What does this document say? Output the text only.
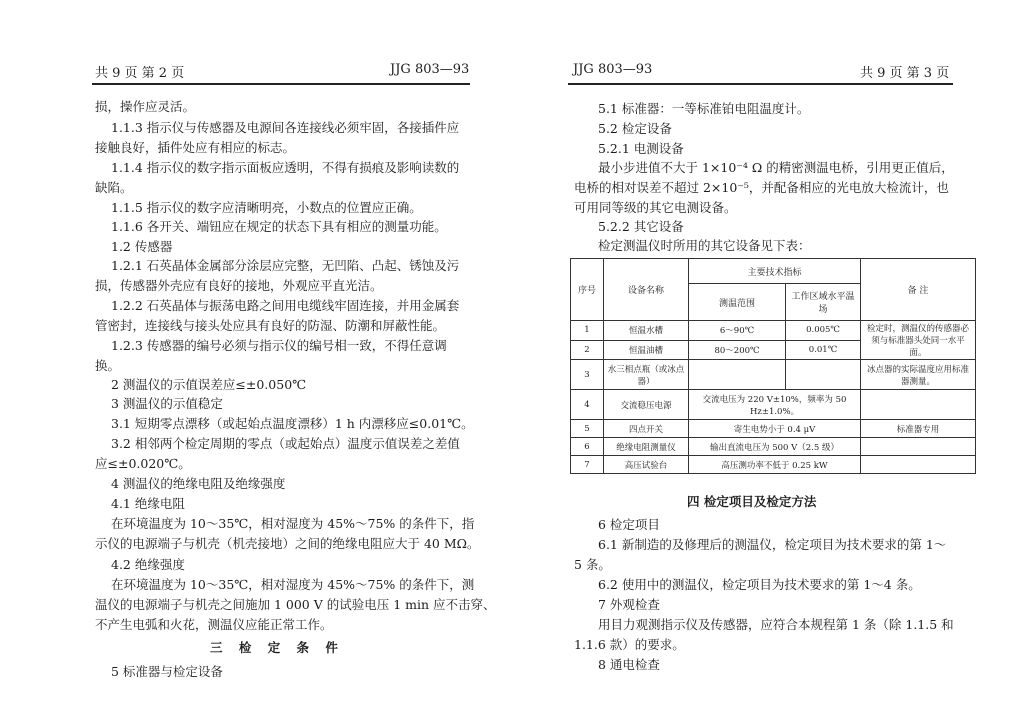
共 9 页 第 2 页	JJG 803—93
损，操作应灵活。
1.1.3 指示仪与传感器及电源间各连接线必须牢固，各接插件应
接触良好，插件处应有相应的标志。
1.1.4 指示仪的数字指示面板应透明，不得有损痕及影响读数的
缺陷。
1.1.5 指示仪的数字应清晰明亮，小数点的位置应正确。
1.1.6 各开关、端钮应在规定的状态下具有相应的测量功能。
1.2 传感器
1.2.1 石英晶体金属部分涂层应完整，无凹陷、凸起、锈蚀及污
损，传感器外壳应有良好的接地，外观应平直光洁。
1.2.2 石英晶体与振荡电路之间用电缆线牢固连接，并用金属套
管密封，连接线与接头处应具有良好的防湿、防潮和屏蔽性能。
1.2.3 传感器的编号必须与指示仪的编号相一致，不得任意调
换。
2 测温仪的示值误差应≤±0.050℃
3 测温仪的示值稳定
3.1 短期零点漂移（或起始点温度漂移）1 h 内漂移应≤0.01℃。
3.2 相邻两个检定周期的零点（或起始点）温度示值误差之差值
应≤±0.020℃。
4 测温仪的绝缘电阻及绝缘强度
4.1 绝缘电阻
在环境温度为 10～35℃，相对湿度为 45%～75% 的条件下，指
示仪的电源端子与机壳（机壳接地）之间的绝缘电阻应大于 40 MΩ。
4.2 绝缘强度
在环境温度为 10～35℃，相对湿度为 45%～75% 的条件下，测
温仪的电源端子与机壳之间施加 1 000 V 的试验电压 1 min 应不击穿、
不产生电弧和火花，测温仪应能正常工作。
三 检 定 条 件
5 标准器与检定设备
JJG 803—93	共 9 页 第 3 页
5.1 标准器：一等标准铂电阻温度计。
5.2 检定设备
5.2.1 电测设备
最小步进值不大于 1×10⁻⁴ Ω 的精密测温电桥，引用更正值后，
电桥的相对误差不超过 2×10⁻⁵，并配备相应的光电放大检流计，也
可用同等级的其它电测设备。
5.2.2 其它设备
检定测温仪时所用的其它设备见下表：
序号	设备名称	主要技术指标		备 注
		测温范围	工作区域水平温场	
1	恒温水槽	6～90℃	0.005℃	检定时，测温仪的传感器必须与标准器头处同一水平面。
2	恒温油槽	80～200℃	0.01℃	
3	水三相点瓶（或冰点器）			冰点器的实际温度应用标准器测量。
4	交流稳压电源	交流电压为 220 V±10%，频率为 50 Hz±1.0%。		
5	四点开关	寄生电势小于 0.4 μV		标准器专用
6	绝缘电阻测量仪	输出直流电压为 500 V（2.5 级）		
7	高压试验台	高压测功率不低于 0.25 kW		
四 检定项目及检定方法
6 检定项目
6.1 新制造的及修理后的测温仪，检定项目为技术要求的第 1～
5 条。
6.2 使用中的测温仪，检定项目为技术要求的第 1～4 条。
7 外观检查
用目力观测指示仪及传感器，应符合本规程第 1 条（除 1.1.5 和
1.1.6 款）的要求。
8 通电检查
